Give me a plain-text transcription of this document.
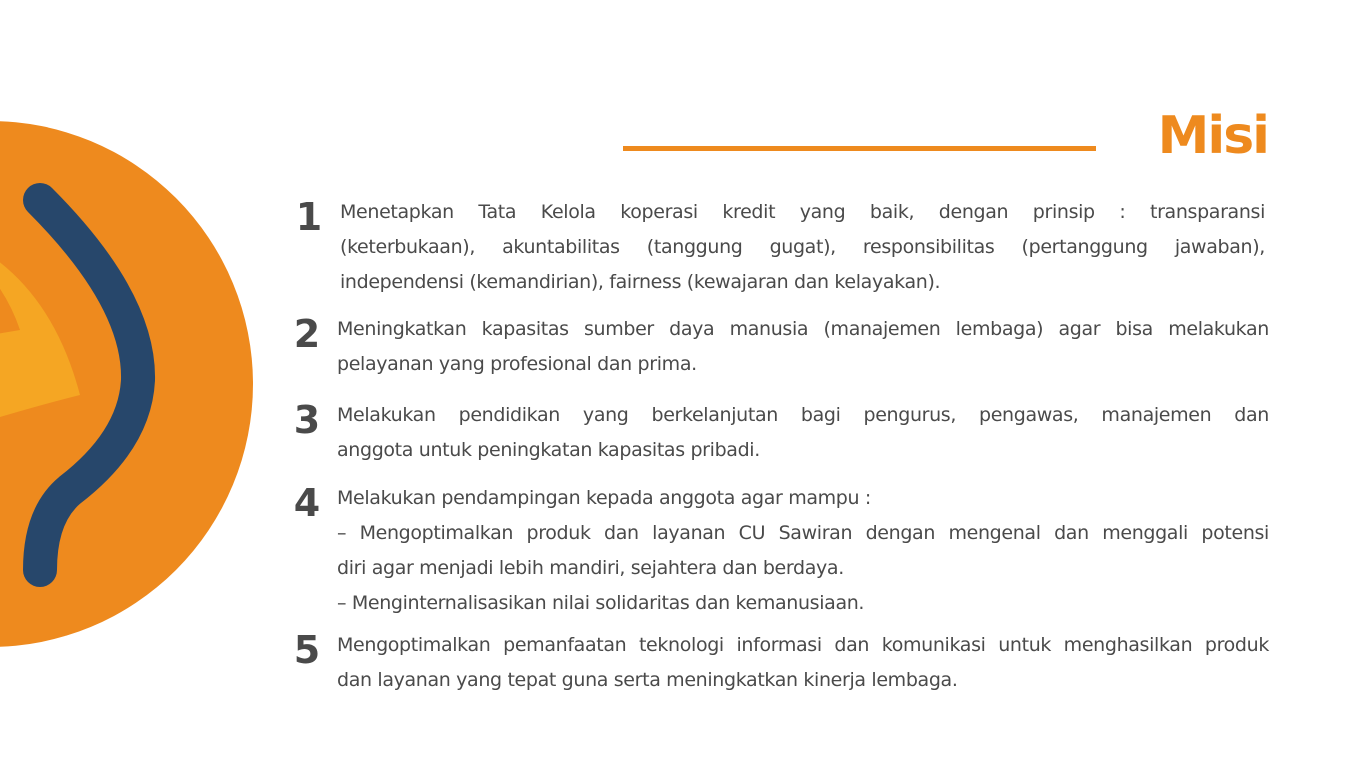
Misi
1 Menetapkan Tata Kelola koperasi kredit yang baik, dengan prinsip : transparansi
(keterbukaan), akuntabilitas (tanggung gugat), responsibilitas (pertanggung jawaban),
independensi (kemandirian), fairness (kewajaran dan kelayakan).
2 Meningkatkan kapasitas sumber daya manusia (manajemen lembaga) agar bisa melakukan
pelayanan yang profesional dan prima.
3 Melakukan pendidikan yang berkelanjutan bagi pengurus, pengawas, manajemen dan
anggota untuk peningkatan kapasitas pribadi.
4 Melakukan pendampingan kepada anggota agar mampu :
– Mengoptimalkan produk dan layanan CU Sawiran dengan mengenal dan menggali potensi
diri agar menjadi lebih mandiri, sejahtera dan berdaya.
– Menginternalisasikan nilai solidaritas dan kemanusiaan.
5 Mengoptimalkan pemanfaatan teknologi informasi dan komunikasi untuk menghasilkan produk
dan layanan yang tepat guna serta meningkatkan kinerja lembaga.
